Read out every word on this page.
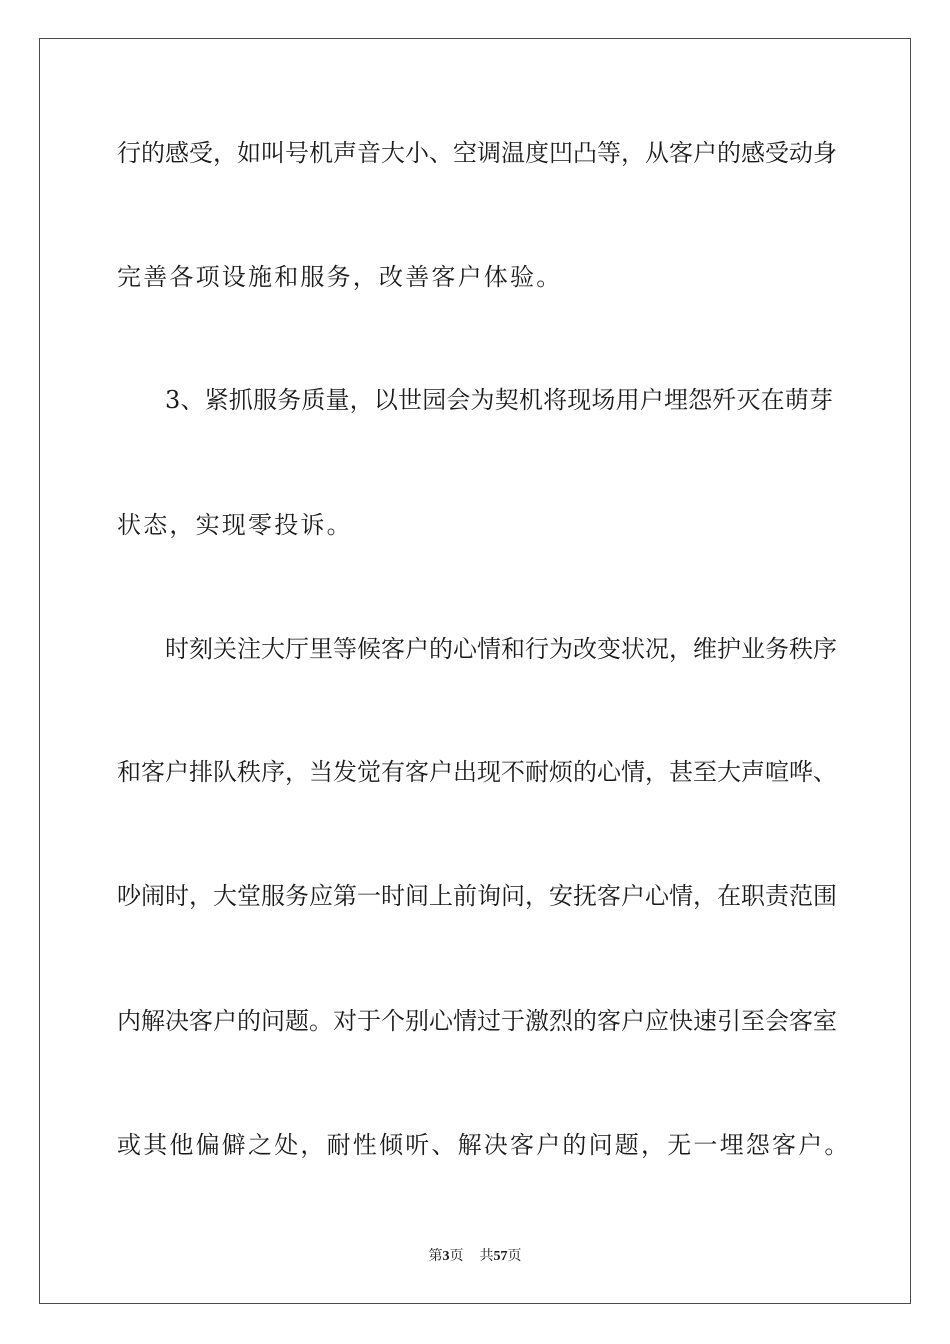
行的感受，如叫号机声音大小、空调温度凹凸等，从客户的感受动身
完善各项设施和服务，改善客户体验。
3、紧抓服务质量，以世园会为契机将现场用户埋怨歼灭在萌芽
状态，实现零投诉。
时刻关注大厅里等候客户的心情和行为改变状况，维护业务秩序
和客户排队秩序，当发觉有客户出现不耐烦的心情，甚至大声喧哗、
吵闹时，大堂服务应第一时间上前询问，安抚客户心情，在职责范围
内解决客户的问题。对于个别心情过于激烈的客户应快速引至会客室
或其他偏僻之处，耐性倾听、解决客户的问题，无一埋怨客户。
第3页 共57页
